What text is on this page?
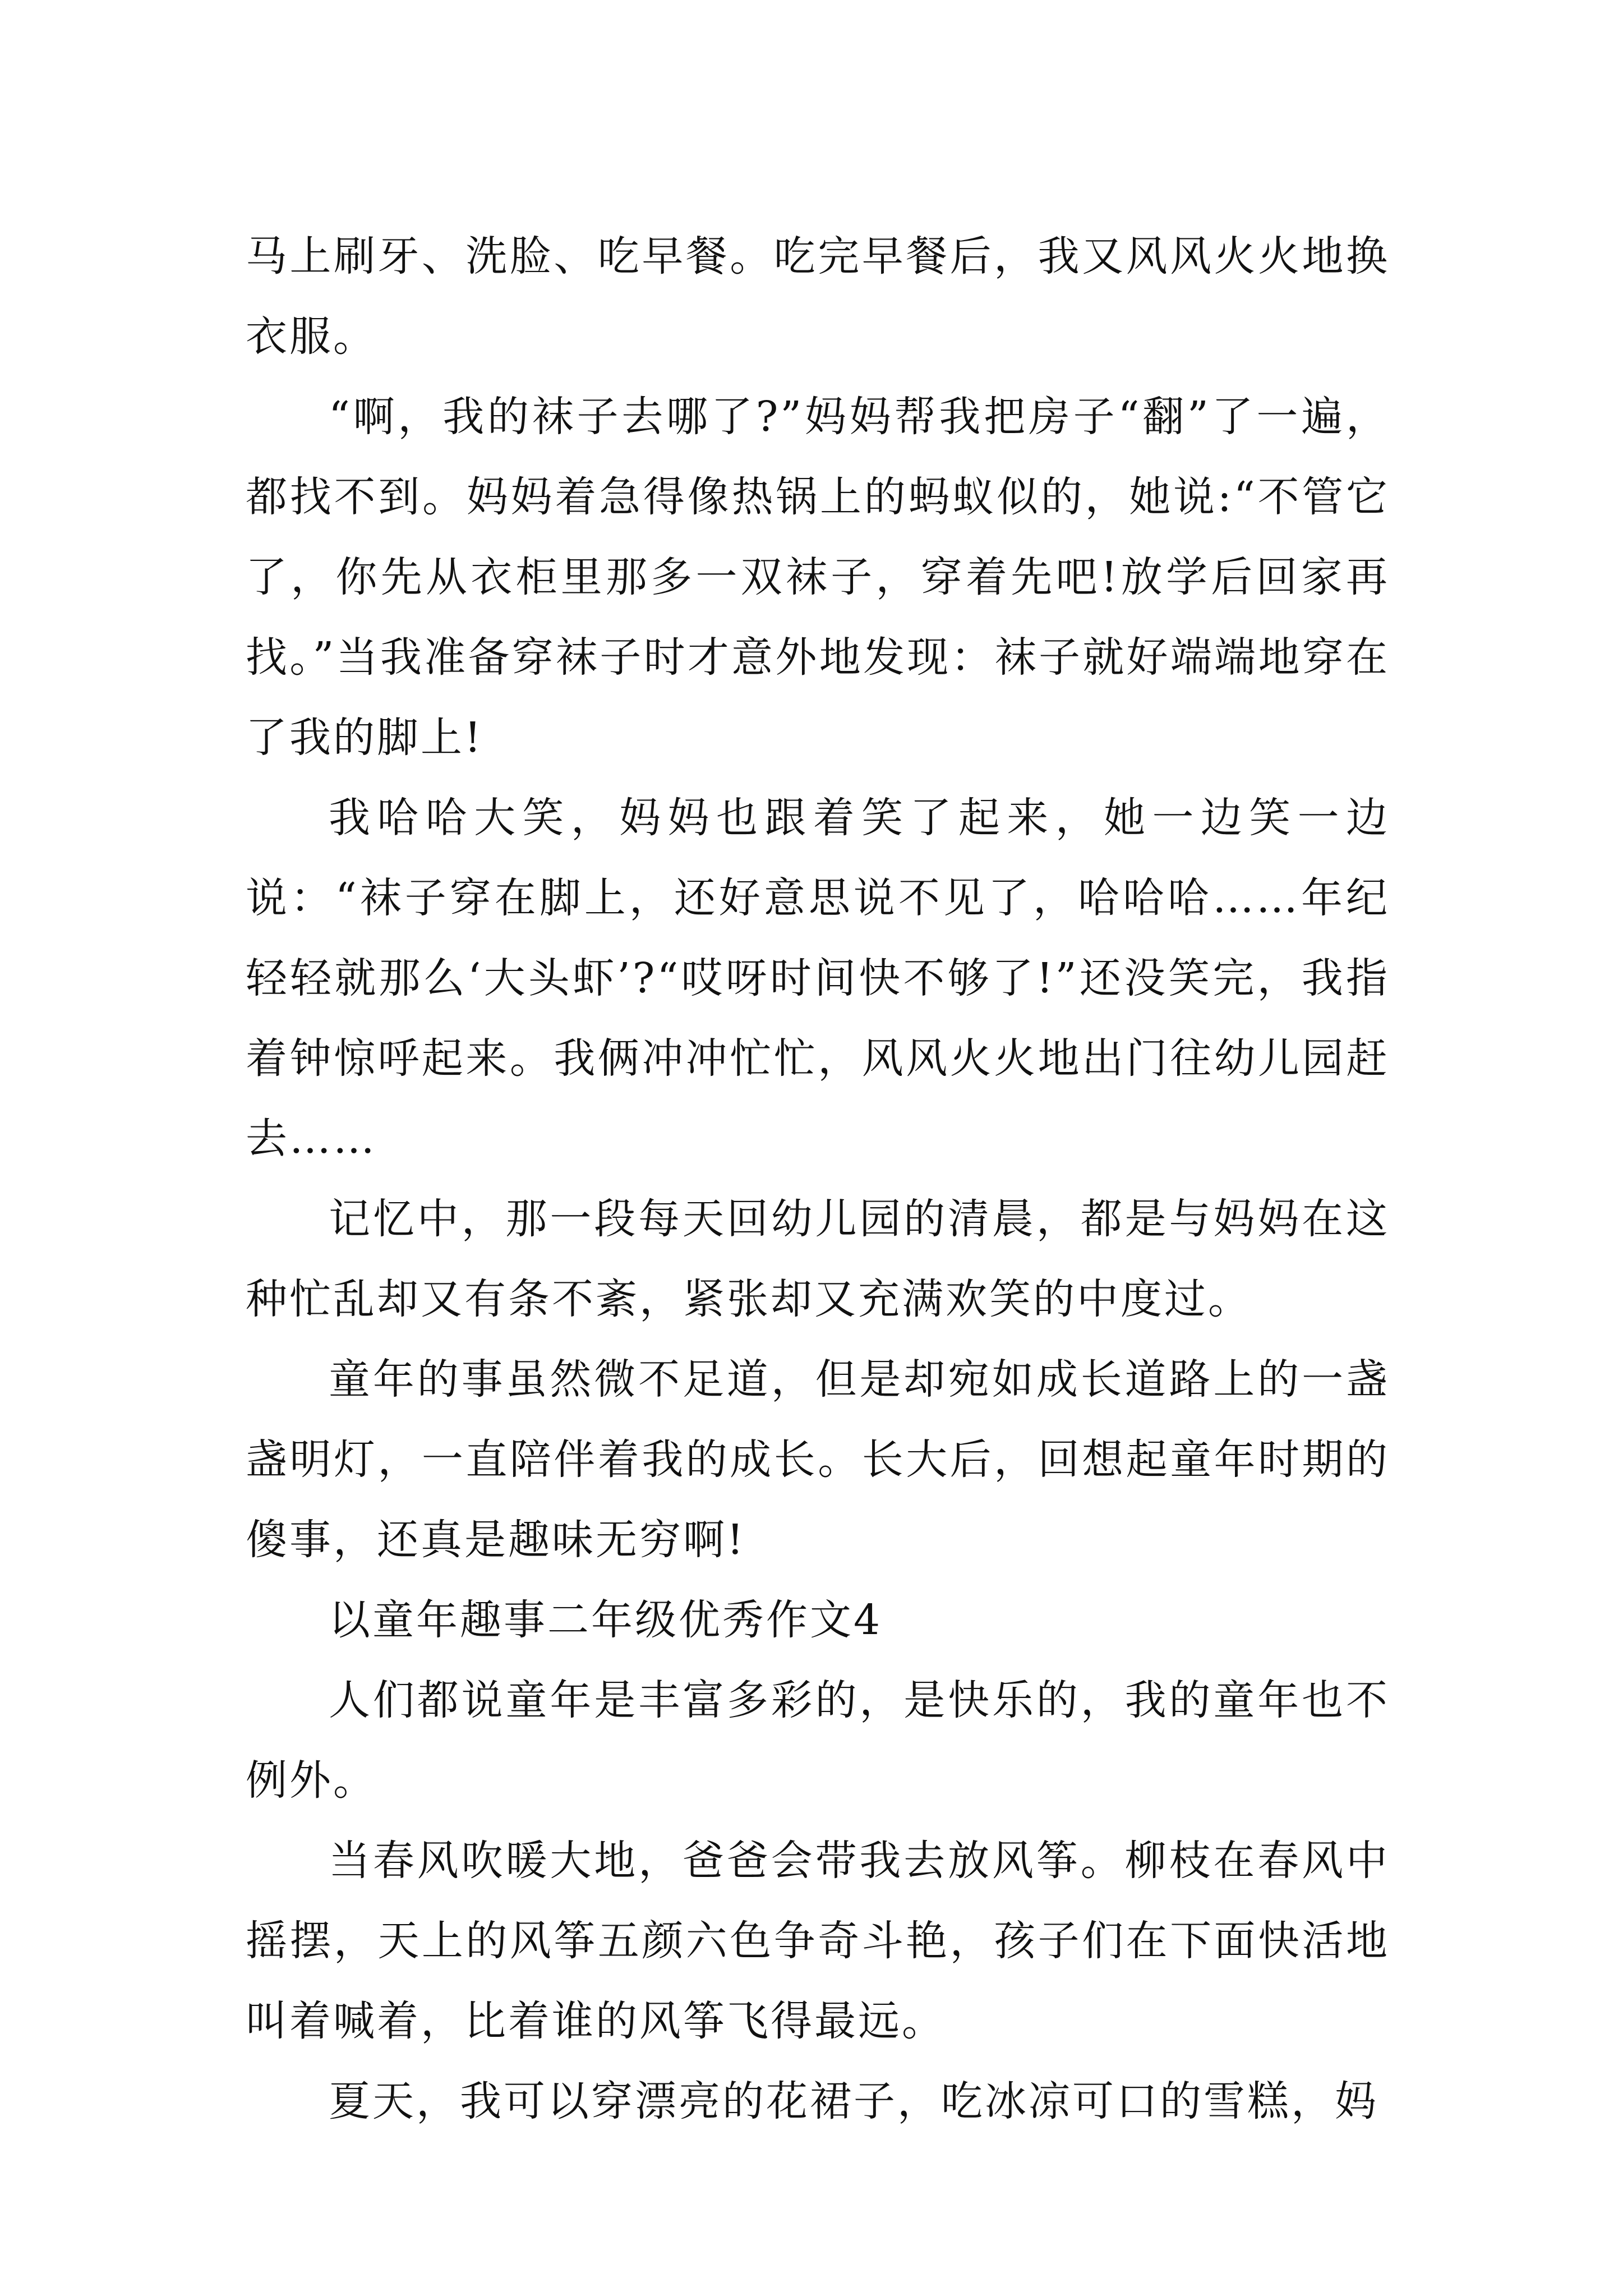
马上刷牙、洗脸、吃早餐。吃完早餐后，我又风风火火地换衣服。

“啊，我的袜子去哪了?”妈妈帮我把房子“翻”了一遍，都找不到。妈妈着急得像热锅上的蚂蚁似的，她说:“不管它了，你先从衣柜里那多一双袜子，穿着先吧!放学后回家再找。”当我准备穿袜子时才意外地发现：袜子就好端端地穿在了我的脚上!

我哈哈大笑，妈妈也跟着笑了起来，她一边笑一边说：“袜子穿在脚上，还好意思说不见了，哈哈哈……年纪轻轻就那么‘大头虾’?“哎呀时间快不够了!”还没笑完，我指着钟惊呼起来。我俩冲冲忙忙，风风火火地出门往幼儿园赶去……

记忆中，那一段每天回幼儿园的清晨，都是与妈妈在这种忙乱却又有条不紊，紧张却又充满欢笑的中度过。

童年的事虽然微不足道，但是却宛如成长道路上的一盏盏明灯，一直陪伴着我的成长。长大后，回想起童年时期的傻事，还真是趣味无穷啊!

以童年趣事二年级优秀作文4

人们都说童年是丰富多彩的，是快乐的，我的童年也不例外。

当春风吹暖大地，爸爸会带我去放风筝。柳枝在春风中摇摆，天上的风筝五颜六色争奇斗艳，孩子们在下面快活地叫着喊着，比着谁的风筝飞得最远。

夏天，我可以穿漂亮的花裙子，吃冰凉可口的雪糕，妈
